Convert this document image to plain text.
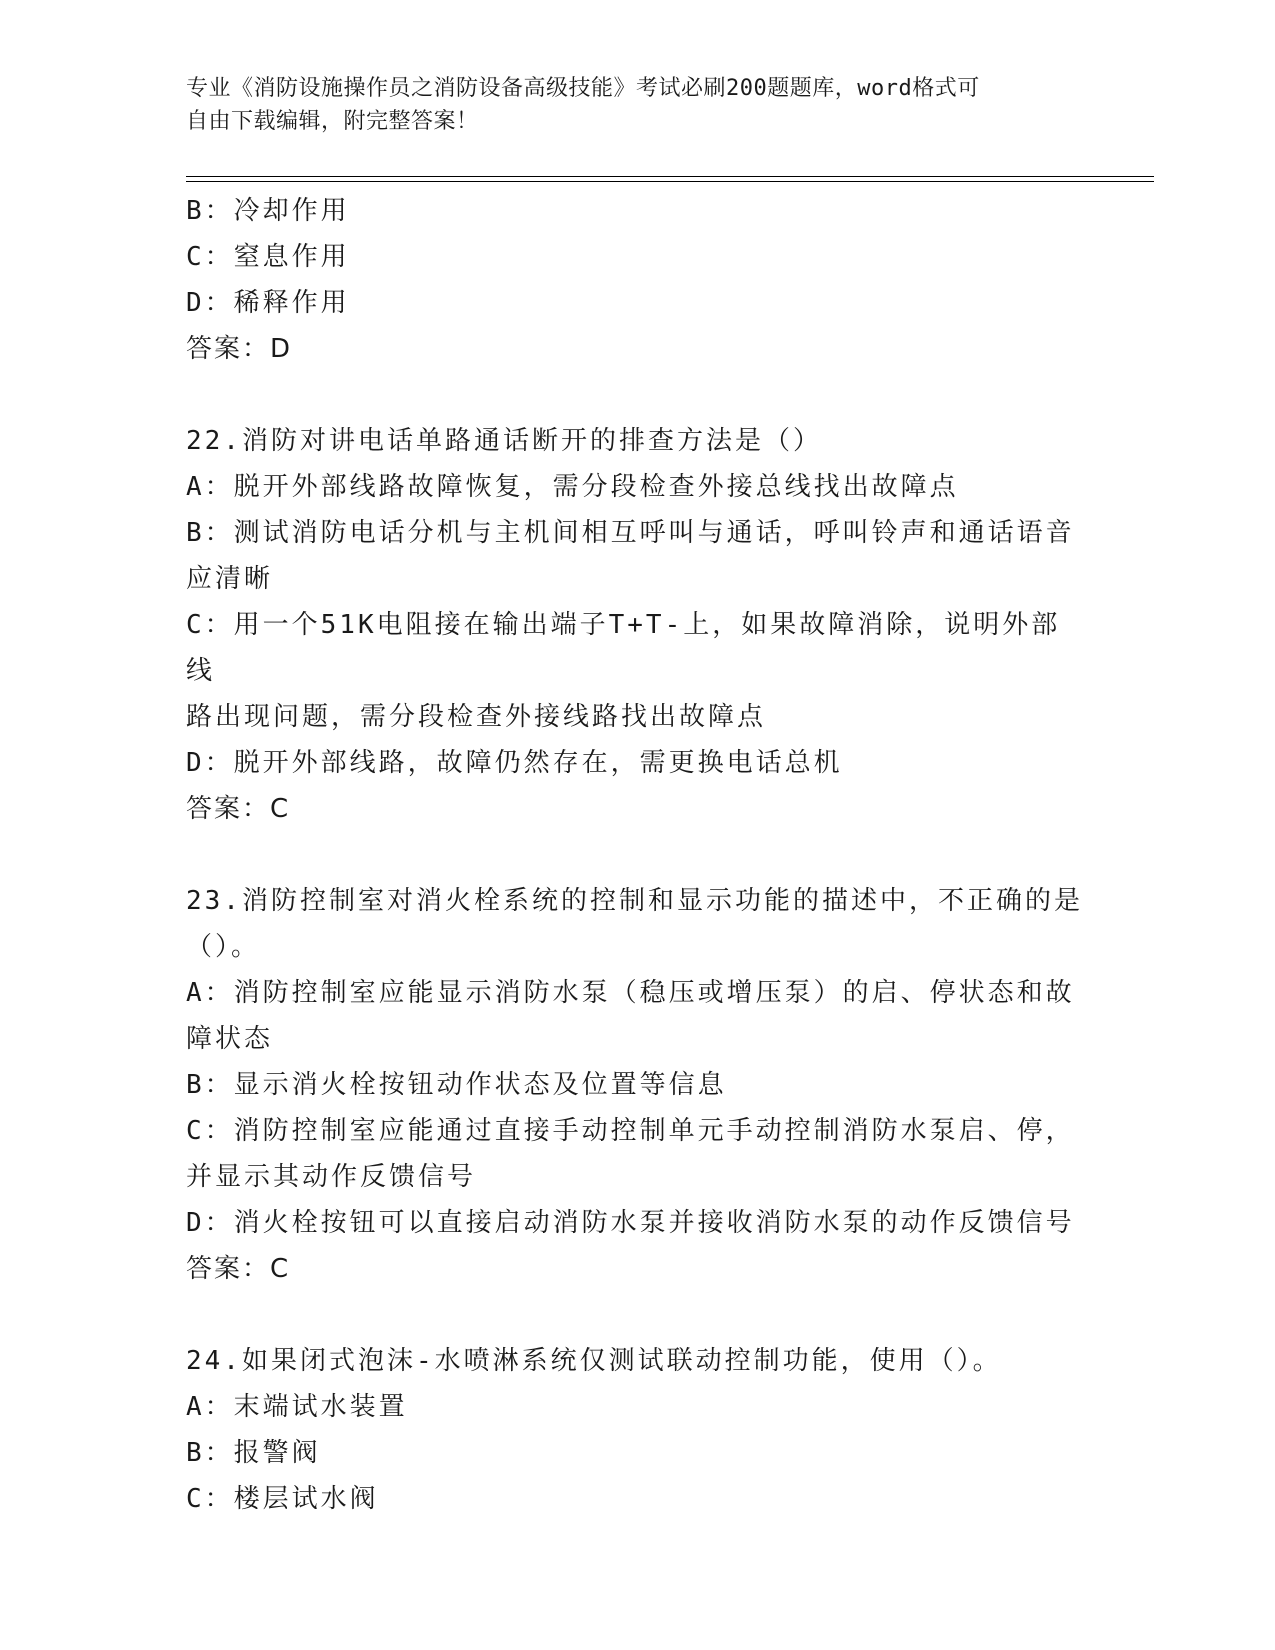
专业《消防设施操作员之消防设备高级技能》考试必刷200题题库，word格式可
自由下载编辑，附完整答案！
B：冷却作用
C：窒息作用
D：稀释作用
答案：D
22.消防对讲电话单路通话断开的排查方法是（）
A：脱开外部线路故障恢复，需分段检查外接总线找出故障点
B：测试消防电话分机与主机间相互呼叫与通话，呼叫铃声和通话语音
应清晰
C：用一个51K电阻接在输出端子T+T-上，如果故障消除，说明外部线
路出现问题，需分段检查外接线路找出故障点
D：脱开外部线路，故障仍然存在，需更换电话总机
答案：C
23.消防控制室对消火栓系统的控制和显示功能的描述中，不正确的是
（）。
A：消防控制室应能显示消防水泵（稳压或增压泵）的启、停状态和故
障状态
B：显示消火栓按钮动作状态及位置等信息
C：消防控制室应能通过直接手动控制单元手动控制消防水泵启、停，
并显示其动作反馈信号
D：消火栓按钮可以直接启动消防水泵并接收消防水泵的动作反馈信号
答案：C
24.如果闭式泡沫-水喷淋系统仅测试联动控制功能，使用（）。
A：末端试水装置
B：报警阀
C：楼层试水阀
